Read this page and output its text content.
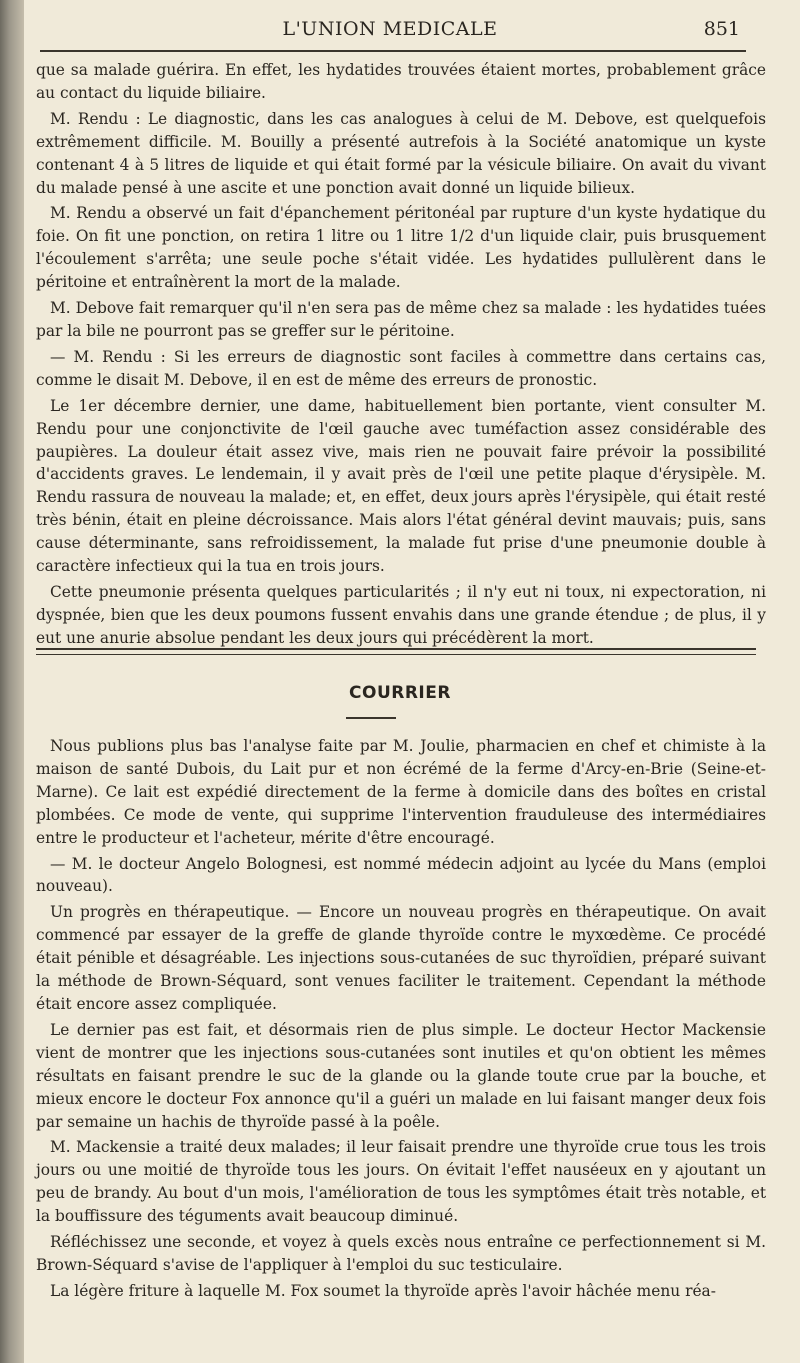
L'UNION MEDICALE	851

que sa malade guérira. En effet, les hydatides trouvées étaient mortes, probablement grâce au contact du liquide biliaire.

M. Rendu : Le diagnostic, dans les cas analogues à celui de M. Debove, est quelquefois extrêmement difficile. M. Bouilly a présenté autrefois à la Société anatomique un kyste contenant 4 à 5 litres de liquide et qui était formé par la vésicule biliaire. On avait du vivant du malade pensé à une ascite et une ponction avait donné un liquide bilieux.

M. Rendu a observé un fait d'épanchement péritonéal par rupture d'un kyste hydatique du foie. On fit une ponction, on retira 1 litre ou 1 litre 1/2 d'un liquide clair, puis brusquement l'écoulement s'arrêta; une seule poche s'était vidée. Les hydatides pullulèrent dans le péritoine et entraînèrent la mort de la malade.

M. Debove fait remarquer qu'il n'en sera pas de même chez sa malade : les hydatides tuées par la bile ne pourront pas se greffer sur le péritoine.

— M. Rendu : Si les erreurs de diagnostic sont faciles à commettre dans certains cas, comme le disait M. Debove, il en est de même des erreurs de pronostic.

Le 1er décembre dernier, une dame, habituellement bien portante, vient consulter M. Rendu pour une conjonctivite de l'œil gauche avec tuméfaction assez considérable des paupières. La douleur était assez vive, mais rien ne pouvait faire prévoir la possibilité d'accidents graves. Le lendemain, il y avait près de l'œil une petite plaque d'érysipèle. M. Rendu rassura de nouveau la malade; et, en effet, deux jours après l'érysipèle, qui était resté très bénin, était en pleine décroissance. Mais alors l'état général devint mauvais; puis, sans cause déterminante, sans refroidissement, la malade fut prise d'une pneumonie double à caractère infectieux qui la tua en trois jours.

Cette pneumonie présenta quelques particularités ; il n'y eut ni toux, ni expectoration, ni dyspnée, bien que les deux poumons fussent envahis dans une grande étendue ; de plus, il y eut une anurie absolue pendant les deux jours qui précédèrent la mort.

COURRIER

Nous publions plus bas l'analyse faite par M. Joulie, pharmacien en chef et chimiste à la maison de santé Dubois, du Lait pur et non écrémé de la ferme d'Arcy-en-Brie (Seine-et-Marne). Ce lait est expédié directement de la ferme à domicile dans des boîtes en cristal plombées. Ce mode de vente, qui supprime l'intervention frauduleuse des intermédiaires entre le producteur et l'acheteur, mérite d'être encouragé.

— M. le docteur Angelo Bolognesi, est nommé médecin adjoint au lycée du Mans (emploi nouveau).

Un progrès en thérapeutique. — Encore un nouveau progrès en thérapeutique. On avait commencé par essayer de la greffe de glande thyroïde contre le myxœdème. Ce procédé était pénible et désagréable. Les injections sous-cutanées de suc thyroïdien, préparé suivant la méthode de Brown-Séquard, sont venues faciliter le traitement. Cependant la méthode était encore assez compliquée.

Le dernier pas est fait, et désormais rien de plus simple. Le docteur Hector Mackensie vient de montrer que les injections sous-cutanées sont inutiles et qu'on obtient les mêmes résultats en faisant prendre le suc de la glande ou la glande toute crue par la bouche, et mieux encore le docteur Fox annonce qu'il a guéri un malade en lui faisant manger deux fois par semaine un hachis de thyroïde passé à la poêle.

M. Mackensie a traité deux malades; il leur faisait prendre une thyroïde crue tous les trois jours ou une moitié de thyroïde tous les jours. On évitait l'effet nauséeux en y ajoutant un peu de brandy. Au bout d'un mois, l'amélioration de tous les symptômes était très notable, et la bouffissure des téguments avait beaucoup diminué.

Réfléchissez une seconde, et voyez à quels excès nous entraîne ce perfectionnement si M. Brown-Séquard s'avise de l'appliquer à l'emploi du suc testiculaire.

La légère friture à laquelle M. Fox soumet la thyroïde après l'avoir hâchée menu réa-
